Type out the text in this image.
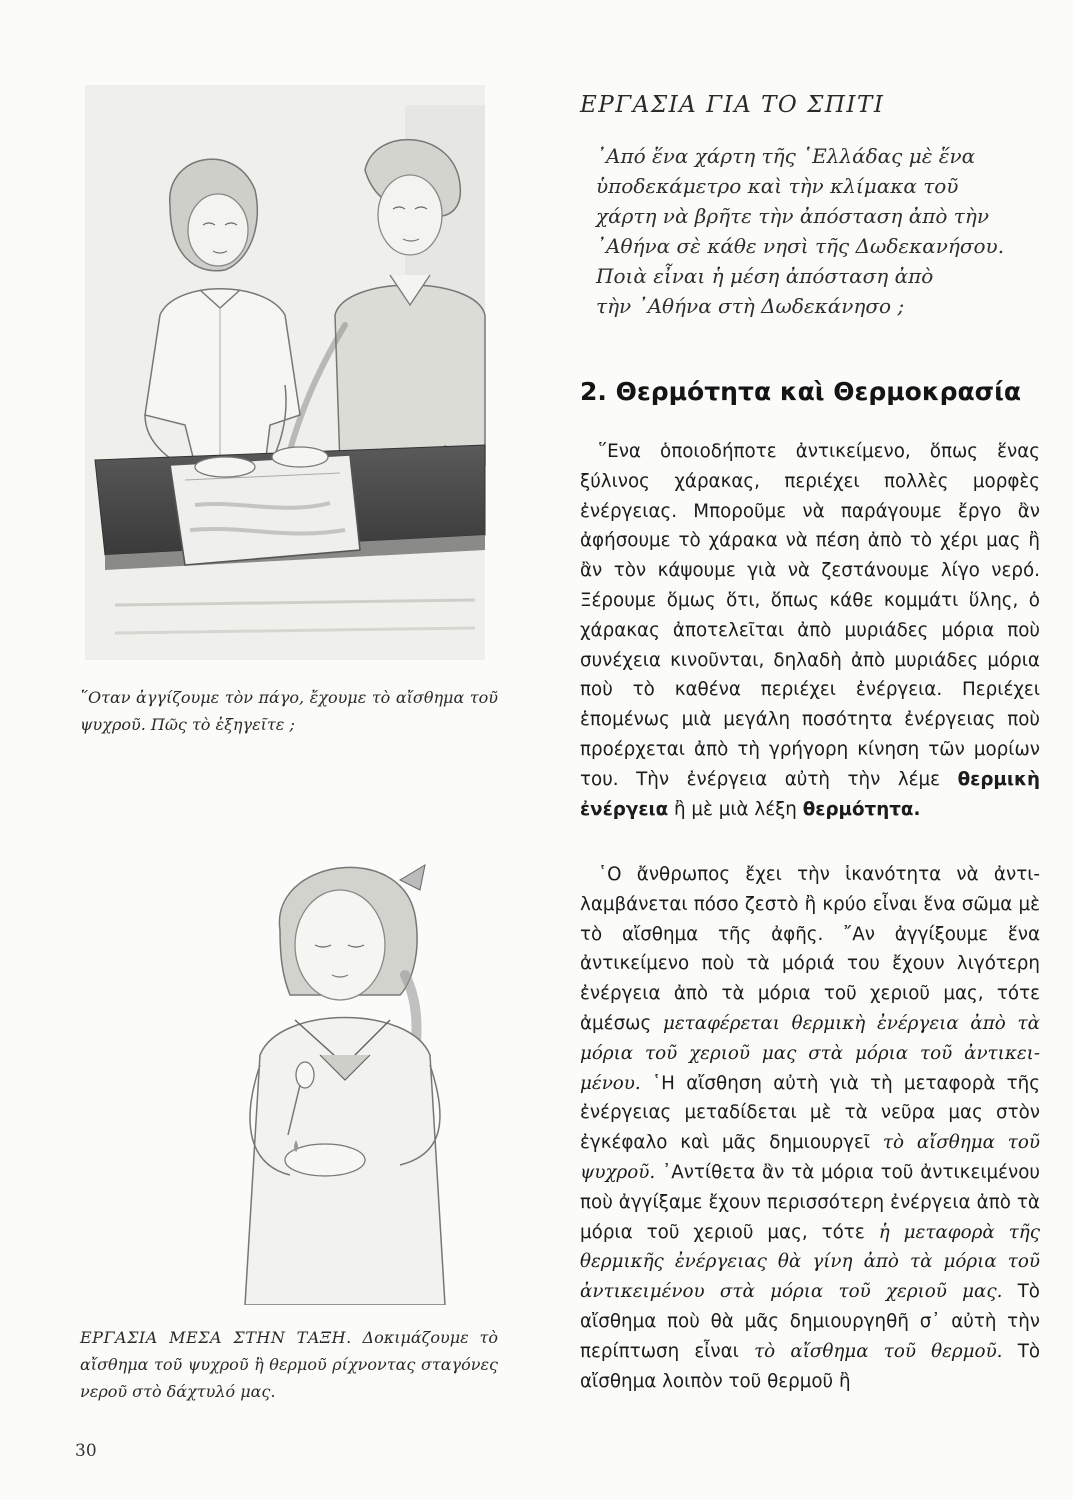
῞Οταν ἀγγίζουμε τὸν πάγο, ἔχουμε τὸ αἴσθημα τοῦ ψυχροῦ. Πῶς τὸ ἐξηγεῖτε ;
ΕΡΓΑΣΙΑ ΜΕΣΑ ΣΤΗΝ ΤΑΞΗ. Δοκιμάζουμε τὸ αἴσθημα τοῦ ψυχροῦ ἢ θερμοῦ ρίχνοντας σταγόνες νεροῦ στὸ δάχτυλό μας.
30
ΕΡΓΑΣΙΑ ΓΙΑ ΤΟ ΣΠΙΤΙ
᾿Από ἕνα χάρτη τῆς ῾Ελλάδας μὲ ἕνα
ὑποδεκάμετρο καὶ τὴν κλίμακα τοῦ
χάρτη νὰ βρῆτε τὴν ἀπόσταση ἀπὸ τὴν
᾿Αθήνα σὲ κάθε νησὶ τῆς Δωδεκανήσου.
Ποιὰ εἶναι ἡ μέση ἀπόσταση ἀπὸ
τὴν ᾿Αθήνα στὴ Δωδεκάνησο ;
2. Θερμότητα καὶ Θερμοκρασία
῞Ενα ὁποιοδήποτε ἀντικείμενο, ὅπως ἕνας ξύλινος χάρακας, περιέχει πολλὲς μορφὲς ἐνέργειας. Μποροῦμε νὰ παράγουμε ἔργο ἂν ἀφήσουμε τὸ χάρακα νὰ πέση ἀπὸ τὸ χέρι μας ἢ ἂν τὸν κάψουμε γιὰ νὰ ζεστάνουμε λίγο νερό. Ξέρουμε ὅμως ὅτι, ὅπως κάθε κομμάτι ὕλης, ὁ χάρακας ἀποτελεῖται ἀπὸ μυριάδες μόρια ποὺ συνέχεια κινοῦνται, δηλαδὴ ἀπὸ μυριάδες μόρια ποὺ τὸ καθένα περιέχει ἐνέργεια. Περιέχει ἑπομένως μιὰ μεγάλη ποσότητα ἐνέργειας ποὺ προέρχεται ἀπὸ τὴ γρήγορη κίνηση τῶν μορίων του. Τὴν ἐνέργεια αὐτὴ τὴν λέμε θερμικὴ ἐνέργεια ἢ μὲ μιὰ λέξη θερμότητα.
῾Ο ἄνθρωπος ἔχει τὴν ἱκανότητα νὰ ἀντιλαμβάνεται πόσο ζεστὸ ἢ κρύο εἶναι ἕνα σῶμα μὲ τὸ αἴσθημα τῆς ἀφῆς. ῎Αν ἀγγίξουμε ἕνα ἀντικείμενο ποὺ τὰ μόριά του ἔχουν λιγότερη ἐνέργεια ἀπὸ τὰ μόρια τοῦ χεριοῦ μας, τότε ἀμέσως μεταφέρεται θερμικὴ ἐνέργεια ἀπὸ τὰ μόρια τοῦ χεριοῦ μας στὰ μόρια τοῦ ἀντικειμένου. ῾Η αἴσθηση αὐτὴ γιὰ τὴ μεταφορὰ τῆς ἐνέργειας μεταδίδεται μὲ τὰ νεῦρα μας στὸν ἐγκέφαλο καὶ μᾶς δημιουργεῖ τὸ αἴσθημα τοῦ ψυχροῦ. ᾿Αντίθετα ἂν τὰ μόρια τοῦ ἀντικειμένου ποὺ ἀγγίξαμε ἔχουν περισσότερη ἐνέργεια ἀπὸ τὰ μόρια τοῦ χεριοῦ μας, τότε ἡ μεταφορὰ τῆς θερμικῆς ἐνέργειας θὰ γίνη ἀπὸ τὰ μόρια τοῦ ἀντικειμένου στὰ μόρια τοῦ χεριοῦ μας. Τὸ αἴσθημα ποὺ θὰ μᾶς δημιουργηθῆ σ᾿ αὐτὴ τὴν περίπτωση εἶναι τὸ αἴσθημα τοῦ θερμοῦ. Τὸ αἴσθημα λοιπὸν τοῦ θερμοῦ ἢ
